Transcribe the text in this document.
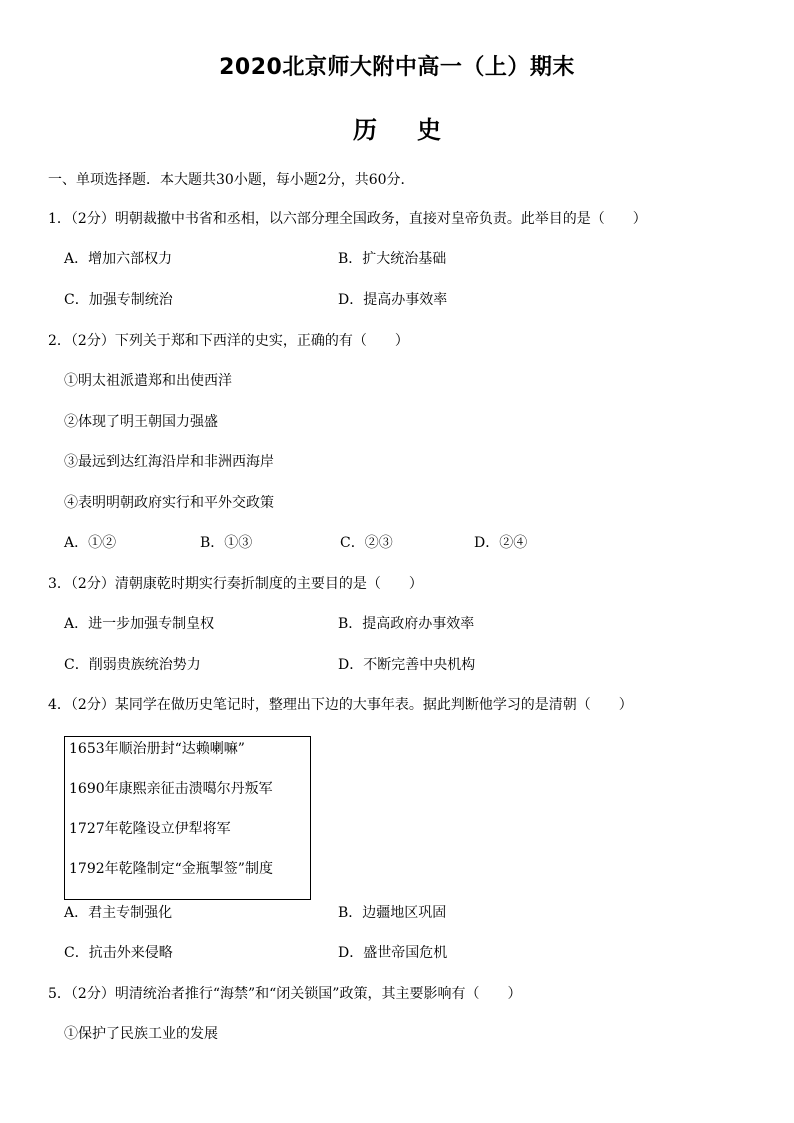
2020北京师大附中高一（上）期末
历史
一、单项选择题．本大题共30小题，每小题2分，共60分．
1．（2分）明朝裁撤中书省和丞相，以六部分理全国政务，直接对皇帝负责。此举目的是（　　）
A．增加六部权力	B．扩大统治基础
C．加强专制统治	D．提高办事效率
2．（2分）下列关于郑和下西洋的史实，正确的有（　　）
①明太祖派遣郑和出使西洋
②体现了明王朝国力强盛
③最远到达红海沿岸和非洲西海岸
④表明明朝政府实行和平外交政策
A．①②	B．①③	C．②③	D．②④
3．（2分）清朝康乾时期实行奏折制度的主要目的是（　　）
A．进一步加强专制皇权	B．提高政府办事效率
C．削弱贵族统治势力	D．不断完善中央机构
4．（2分）某同学在做历史笔记时，整理出下边的大事年表。据此判断他学习的是清朝（　　）
1653年顺治册封“达赖喇嘛”
1690年康熙亲征击溃噶尔丹叛军
1727年乾隆设立伊犁将军
1792年乾隆制定“金瓶掣签”制度
A．君主专制强化	B．边疆地区巩固
C．抗击外来侵略	D．盛世帝国危机
5．（2分）明清统治者推行“海禁”和“闭关锁国”政策，其主要影响有（　　）
①保护了民族工业的发展
